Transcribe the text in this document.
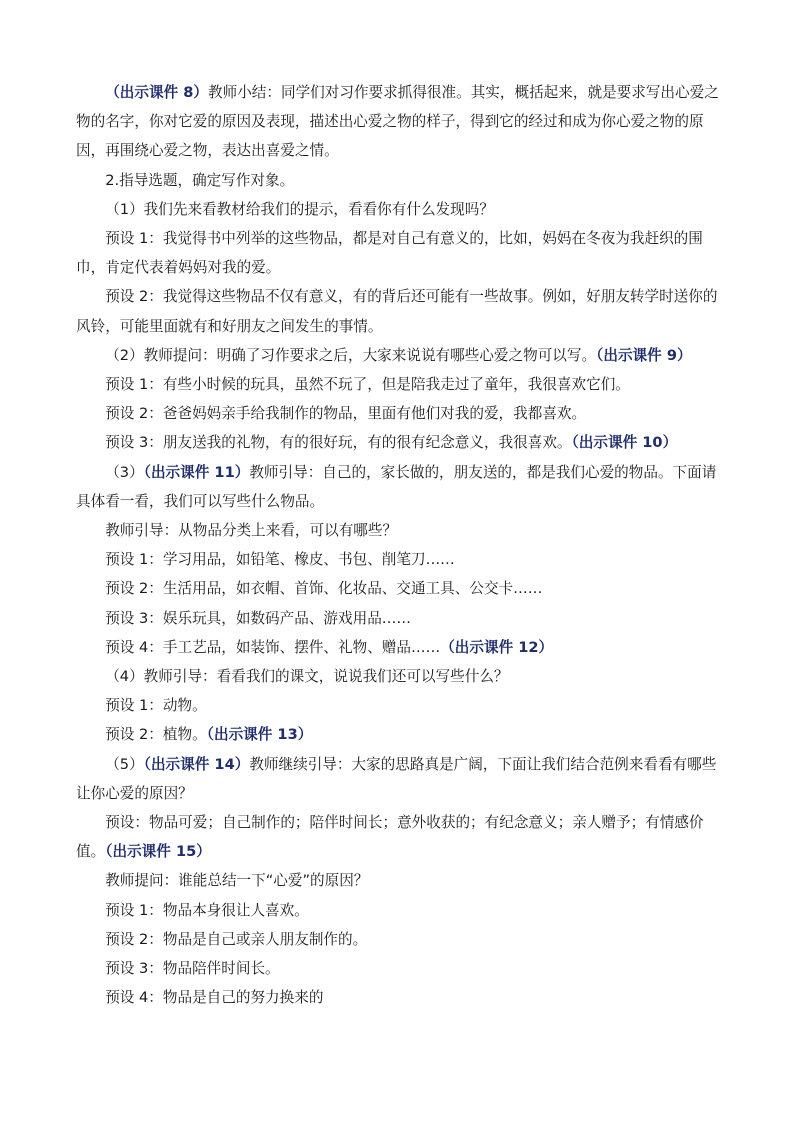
（出示课件 8）教师小结：同学们对习作要求抓得很准。其实，概括起来，就是要求写出心爱之物的名字，你对它爱的原因及表现，描述出心爱之物的样子，得到它的经过和成为你心爱之物的原因，再围绕心爱之物，表达出喜爱之情。

2.指导选题，确定写作对象。

（1）我们先来看教材给我们的提示，看看你有什么发现吗？

预设 1：我觉得书中列举的这些物品，都是对自己有意义的，比如，妈妈在冬夜为我赶织的围巾，肯定代表着妈妈对我的爱。

预设 2：我觉得这些物品不仅有意义，有的背后还可能有一些故事。例如，好朋友转学时送你的风铃，可能里面就有和好朋友之间发生的事情。

（2）教师提问：明确了习作要求之后，大家来说说有哪些心爱之物可以写。（出示课件 9）

预设 1：有些小时候的玩具，虽然不玩了，但是陪我走过了童年，我很喜欢它们。

预设 2：爸爸妈妈亲手给我制作的物品，里面有他们对我的爱，我都喜欢。

预设 3：朋友送我的礼物，有的很好玩，有的很有纪念意义，我很喜欢。（出示课件 10）

（3）（出示课件 11）教师引导：自己的，家长做的，朋友送的，都是我们心爱的物品。下面请具体看一看，我们可以写些什么物品。

教师引导：从物品分类上来看，可以有哪些？

预设 1：学习用品，如铅笔、橡皮、书包、削笔刀……

预设 2：生活用品，如衣帽、首饰、化妆品、交通工具、公交卡……

预设 3：娱乐玩具，如数码产品、游戏用品……

预设 4：手工艺品，如装饰、摆件、礼物、赠品……（出示课件 12）

（4）教师引导：看看我们的课文，说说我们还可以写些什么？

预设 1：动物。

预设 2：植物。（出示课件 13）

（5）（出示课件 14）教师继续引导：大家的思路真是广阔，下面让我们结合范例来看看有哪些让你心爱的原因？

预设：物品可爱；自己制作的；陪伴时间长；意外收获的；有纪念意义；亲人赠予；有情感价值。（出示课件 15）

教师提问：谁能总结一下“心爱”的原因？

预设 1：物品本身很让人喜欢。

预设 2：物品是自己或亲人朋友制作的。

预设 3：物品陪伴时间长。

预设 4：物品是自己的努力换来的
